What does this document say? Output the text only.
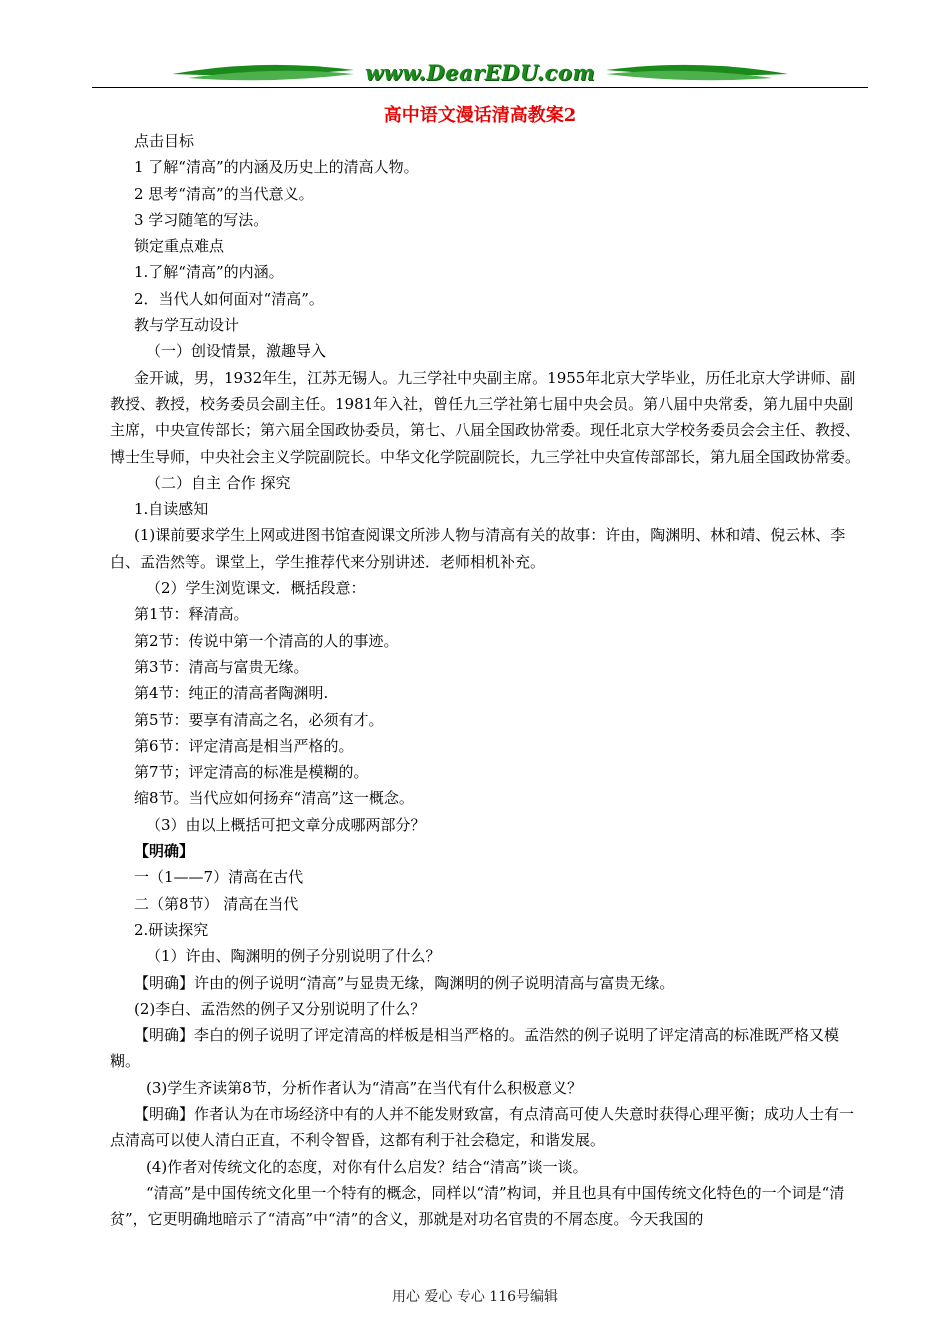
www.DearEDU.com
高中语文漫话清高教案2

点击目标

1 了解“清高”的内涵及历史上的清高人物。

2 思考“清高”的当代意义。

3 学习随笔的写法。

锁定重点难点

1.了解“清高”的内涵。

2．当代人如何面对“清高”。

教与学互动设计

（一）创设情景，激趣导入

金开诚，男，1932年生，江苏无锡人。九三学社中央副主席。1955年北京大学毕业，历任北京大学讲师、副教授、教授，校务委员会副主任。1981年入社，曾任九三学社第七届中央会员。第八届中央常委，第九届中央副主席，中央宣传部长；第六届全国政协委员，第七、八届全国政协常委。现任北京大学校务委员会会主任、教授、博士生导师，中央社会主义学院副院长。中华文化学院副院长，九三学社中央宣传部部长，第九届全国政协常委。

（二）自主 合作 探究

1.自读感知

(1)课前要求学生上网或进图书馆查阅课文所涉人物与清高有关的故事：许由，陶渊明、林和靖、倪云林、李白、孟浩然等。课堂上，学生推荐代来分别讲述．老师相机补充。

（2）学生浏览课文．概括段意：

第1节：释清高。

第2节：传说中第一个清高的人的事迹。

第3节：清高与富贵无缘。

第4节：纯正的清高者陶渊明.

第5节：要享有清高之名，必须有才。

第6节：评定清高是相当严格的。

第7节；评定清高的标准是模糊的。

缩8节。当代应如何扬弃“清高”这一概念。

（3）由以上概括可把文章分成哪两部分？

【明确】

一（1——7）清高在古代

二（第8节） 清高在当代

2.研读探究

（1）许由、陶渊明的例子分别说明了什么？

【明确】许由的例子说明“清高”与显贵无缘，陶渊明的例子说明清高与富贵无缘。

(2)李白、孟浩然的例子又分别说明了什么？

【明确】李白的例子说明了评定清高的样板是相当严格的。孟浩然的例子说明了评定清高的标准既严格又模糊。

(3)学生齐读第8节，分析作者认为“清高”在当代有什么积极意义？

【明确】作者认为在市场经济中有的人并不能发财致富，有点清高可使人失意时获得心理平衡；成功人士有一点清高可以使人清白正直，不利令智昏，这都有利于社会稳定，和谐发展。

(4)作者对传统文化的态度，对你有什么启发？结合“清高”谈一谈。

“清高”是中国传统文化里一个特有的概念，同样以“清”构词，并且也具有中国传统文化特色的一个词是“清贫”，它更明确地暗示了“清高”中“清”的含义，那就是对功名官贵的不屑态度。今天我国的

用心 爱心 专心 116号编辑
